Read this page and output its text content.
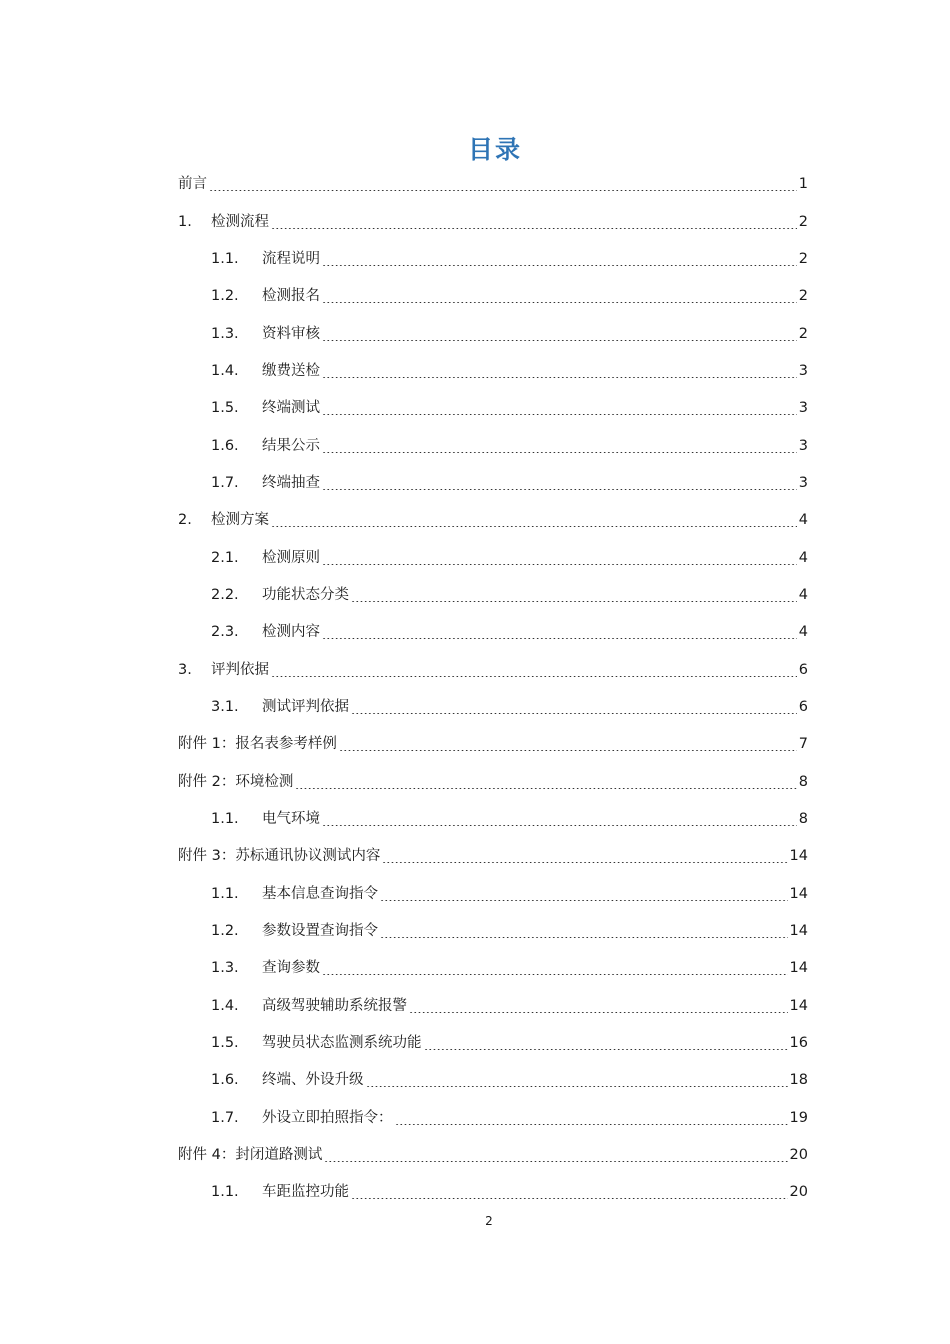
目录
前言	1
1.	检测流程	2
1.1.	流程说明	2
1.2.	检测报名	2
1.3.	资料审核	2
1.4.	缴费送检	3
1.5.	终端测试	3
1.6.	结果公示	3
1.7.	终端抽查	3
2.	检测方案	4
2.1.	检测原则	4
2.2.	功能状态分类	4
2.3.	检测内容	4
3.	评判依据	6
3.1.	测试评判依据	6
附件 1：报名表参考样例	7
附件 2：环境检测	8
1.1.	电气环境	8
附件 3：苏标通讯协议测试内容	14
1.1.	基本信息查询指令	14
1.2.	参数设置查询指令	14
1.3.	查询参数	14
1.4.	高级驾驶辅助系统报警	14
1.5.	驾驶员状态监测系统功能	16
1.6.	终端、外设升级	18
1.7.	外设立即拍照指令：	19
附件 4：封闭道路测试	20
1.1.	车距监控功能	20
2
